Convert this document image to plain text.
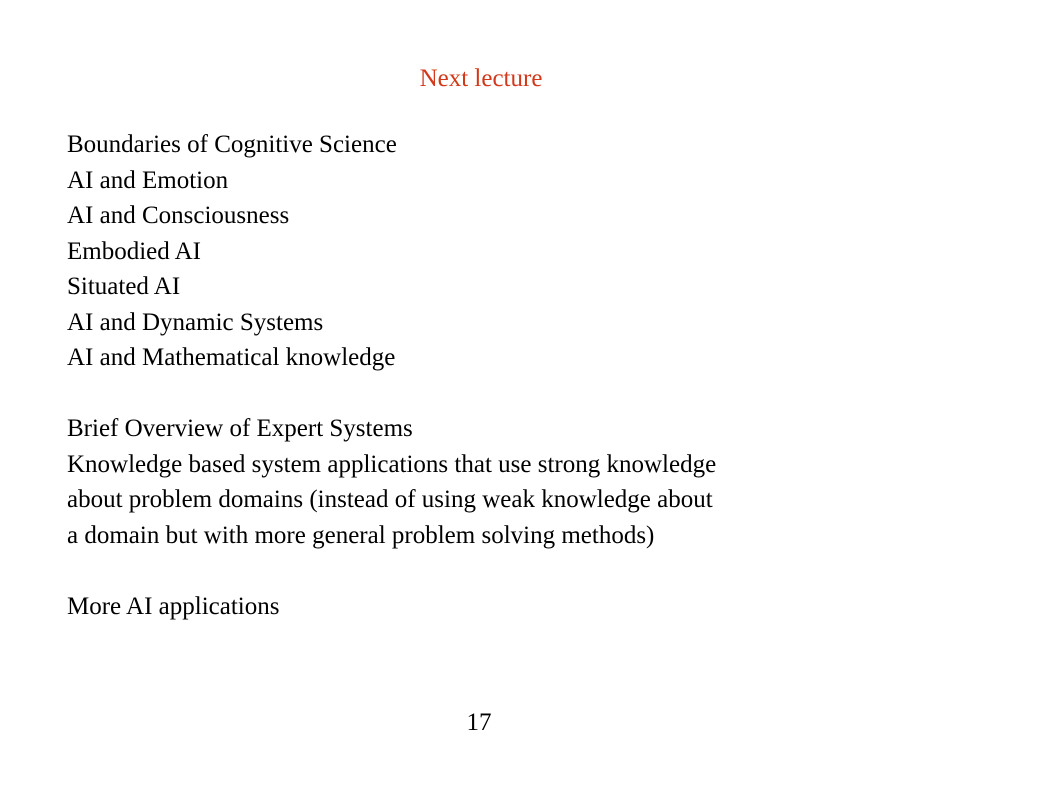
Next lecture
Boundaries of Cognitive Science
AI and Emotion
AI and Consciousness
Embodied AI
Situated AI
AI and Dynamic Systems
AI and Mathematical knowledge
Brief Overview of Expert Systems
Knowledge based system applications that use strong knowledge
about problem domains (instead of using weak knowledge about
a domain but with more general problem solving methods)
More AI applications
17
